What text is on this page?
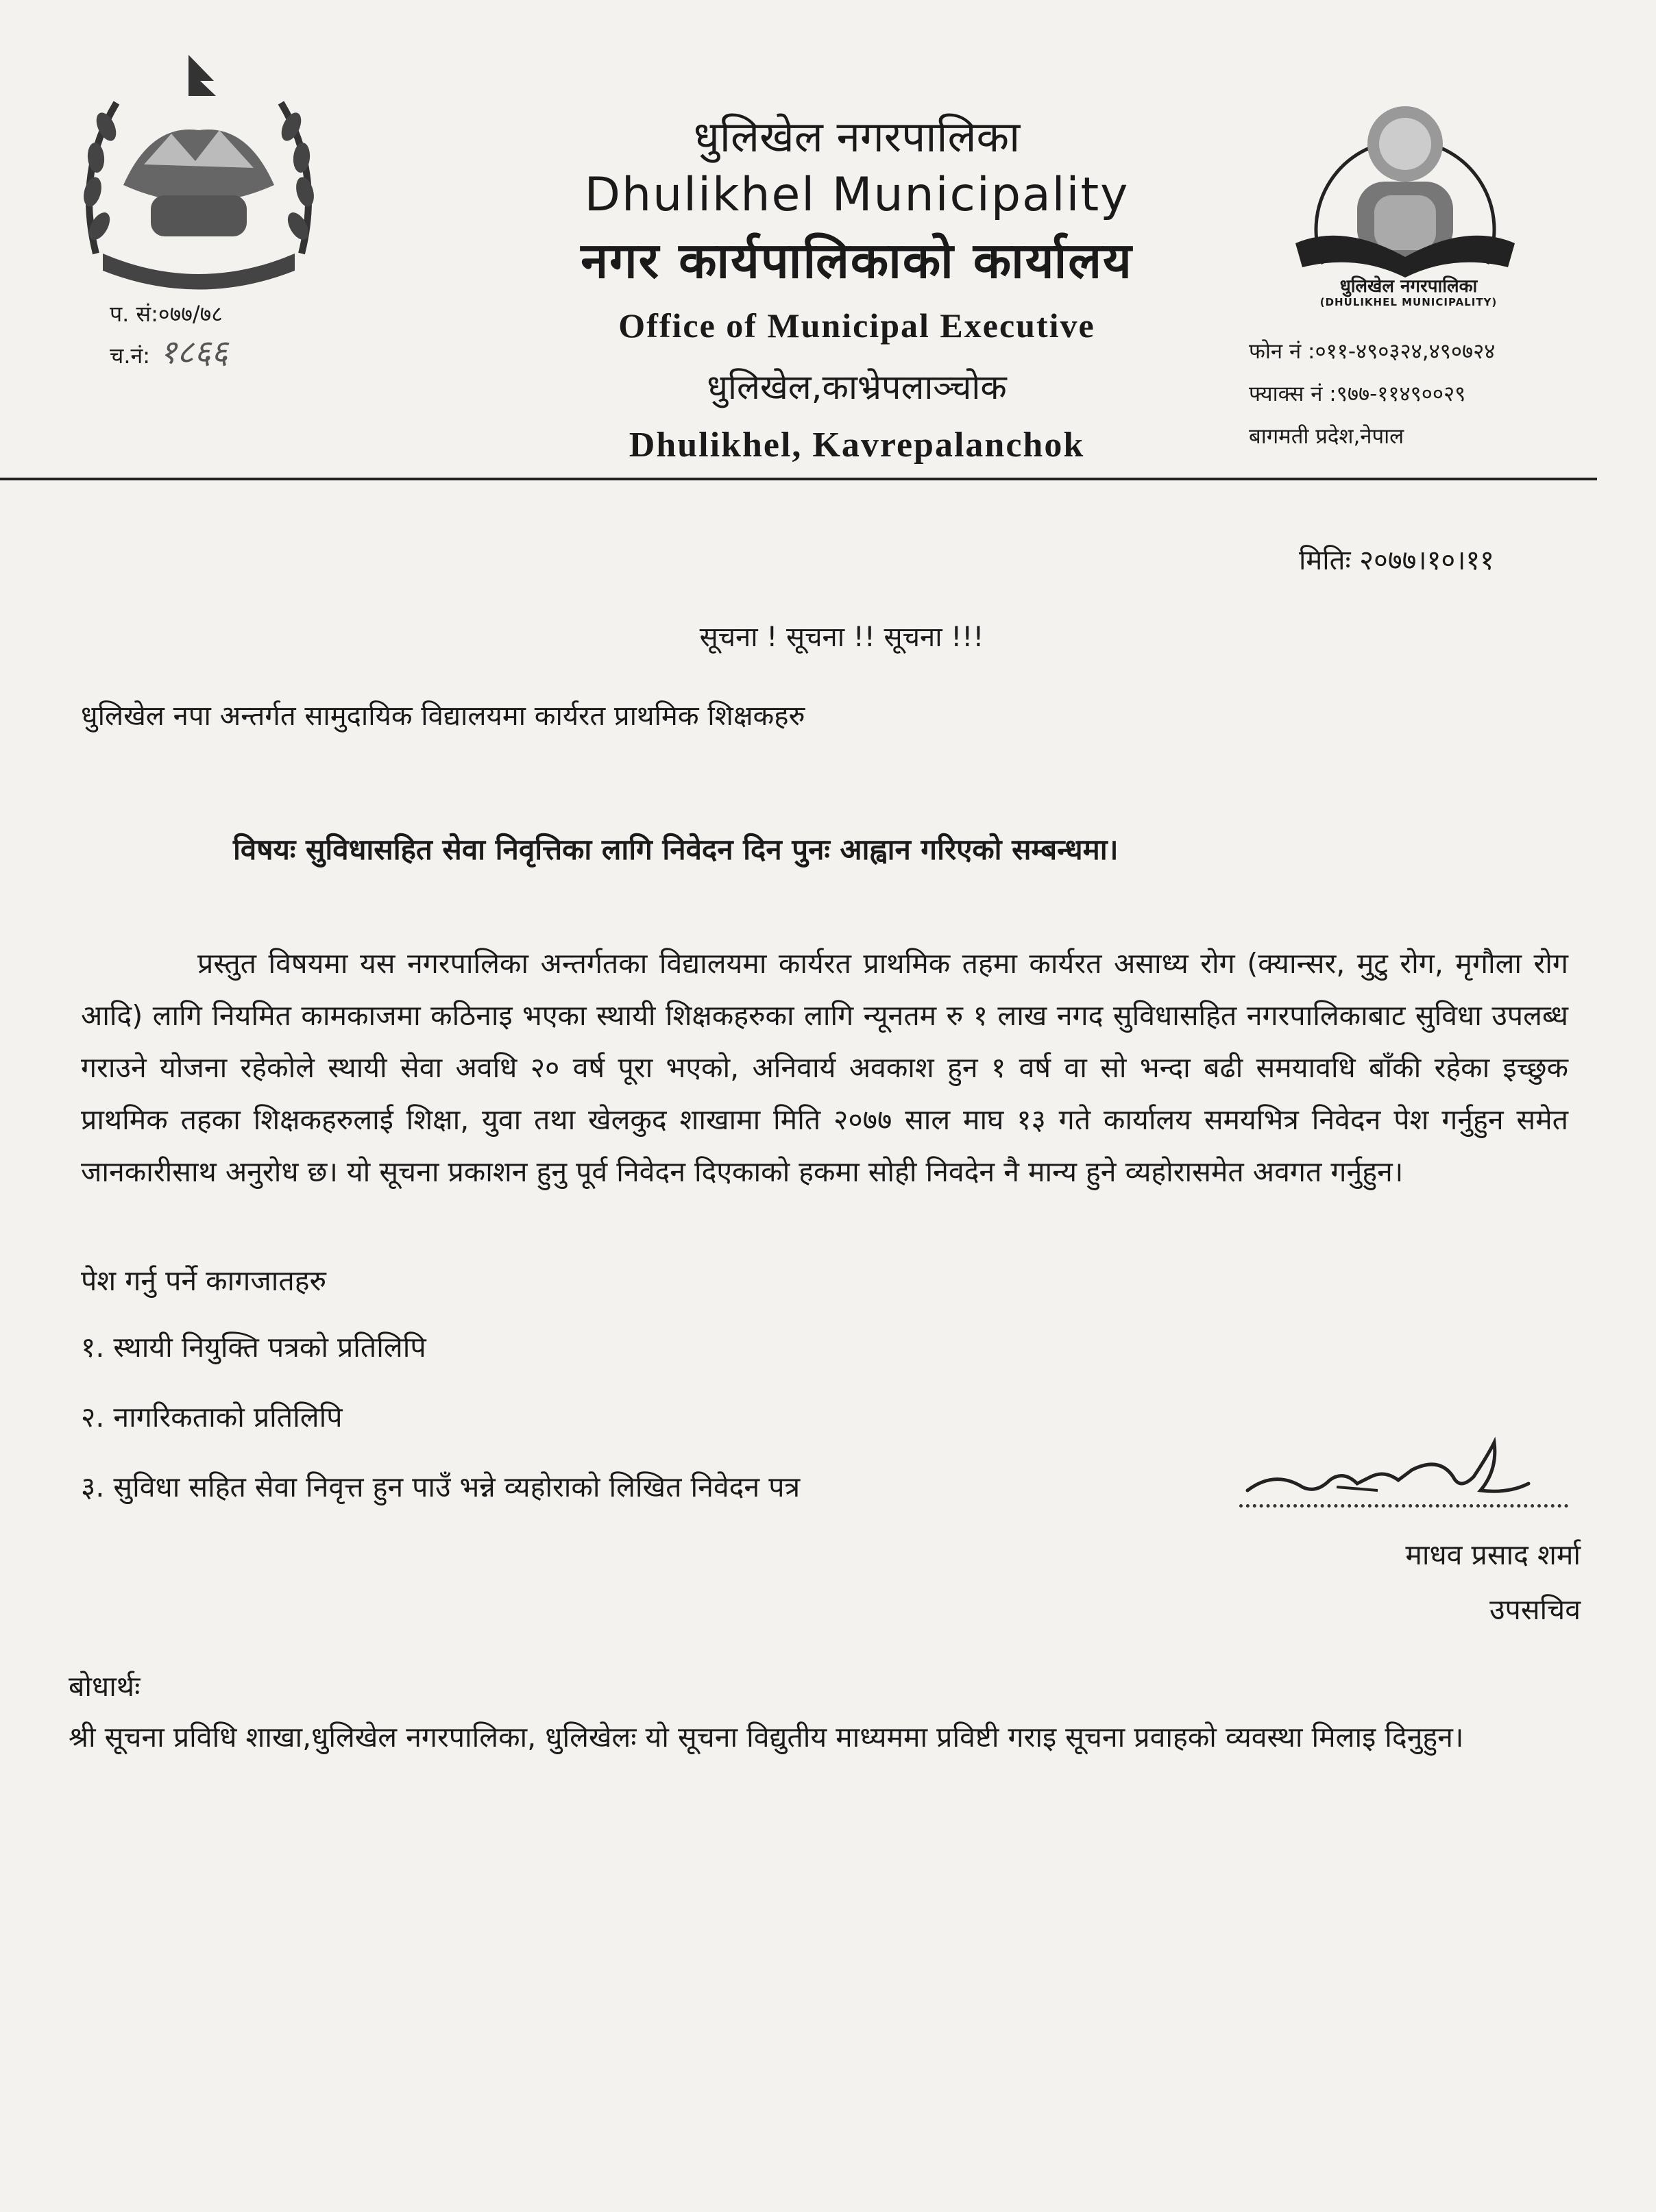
धुलिखेल नगरपालिका
(DHULIKHEL MUNICIPALITY)
धुलिखेल नगरपालिका
Dhulikhel Municipality
नगर कार्यपालिकाको कार्यालय
Office of Municipal Executive
धुलिखेल,काभ्रेपलाञ्चोक
Dhulikhel, Kavrepalanchok
प. सं:०७७/७८
च.नं: १८६६	फोन नं :०११-४९०३२४,४९०७२४
फ्याक्स नं :९७७-११४९००२९
बागमती प्रदेश,नेपाल
मितिः २०७७।१०।११
सूचना ! सूचना !! सूचना !!!
धुलिखेल नपा अन्तर्गत सामुदायिक विद्यालयमा कार्यरत प्राथमिक शिक्षकहरु
विषयः सुविधासहित सेवा निवृत्तिका लागि निवेदन दिन पुनः आह्वान गरिएको सम्बन्धमा।

प्रस्तुत विषयमा यस नगरपालिका अन्तर्गतका विद्यालयमा कार्यरत प्राथमिक तहमा कार्यरत असाध्य रोग (क्यान्सर, मुटु रोग, मृगौला रोग आदि) लागि नियमित कामकाजमा कठिनाइ भएका स्थायी शिक्षकहरुका लागि न्यूनतम रु १ लाख नगद सुविधासहित नगरपालिकाबाट सुविधा उपलब्ध गराउने योजना रहेकोले स्थायी सेवा अवधि २० वर्ष पूरा भएको, अनिवार्य अवकाश हुन १ वर्ष वा सो भन्दा बढी समयावधि बाँकी रहेका इच्छुक प्राथमिक तहका शिक्षकहरुलाई शिक्षा, युवा तथा खेलकुद शाखामा मिति २०७७ साल माघ १३ गते कार्यालय समयभित्र निवेदन पेश गर्नुहुन समेत जानकारीसाथ अनुरोध छ। यो सूचना प्रकाशन हुनु पूर्व निवेदन दिएकाको हकमा सोही निवदेन नै मान्य हुने व्यहोरासमेत अवगत गर्नुहुन।

पेश गर्नु पर्ने कागजातहरु
१. स्थायी नियुक्ति पत्रको प्रतिलिपि
२. नागरिकताको प्रतिलिपि
३. सुविधा सहित सेवा निवृत्त हुन पाउँ भन्ने व्यहोराको लिखित निवेदन पत्र
माधव प्रसाद शर्मा
उपसचिव
बोधार्थः

श्री सूचना प्रविधि शाखा,धुलिखेल नगरपालिका, धुलिखेलः यो सूचना विद्युतीय माध्यममा प्रविष्टी गराइ सूचना प्रवाहको व्यवस्था मिलाइ दिनुहुन।
